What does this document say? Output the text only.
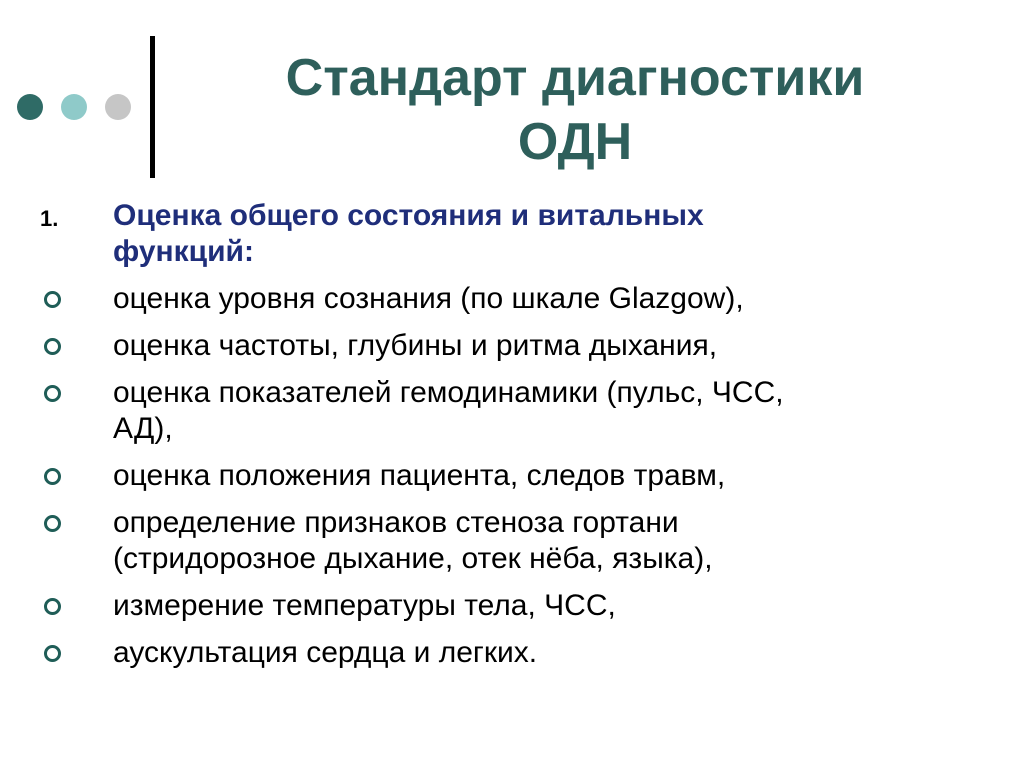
Стандарт диагностики
ОДН
1. Оценка общего состояния и витальных
функций:
оценка уровня сознания (по шкале Glazgow),
оценка частоты, глубины и ритма дыхания,
оценка показателей гемодинамики (пульс, ЧСС,
АД),
оценка положения пациента, следов травм,
определение признаков стеноза гортани
(стридорозное дыхание, отек нёба, языка),
измерение температуры тела, ЧСС,
аускультация сердца и легких.
